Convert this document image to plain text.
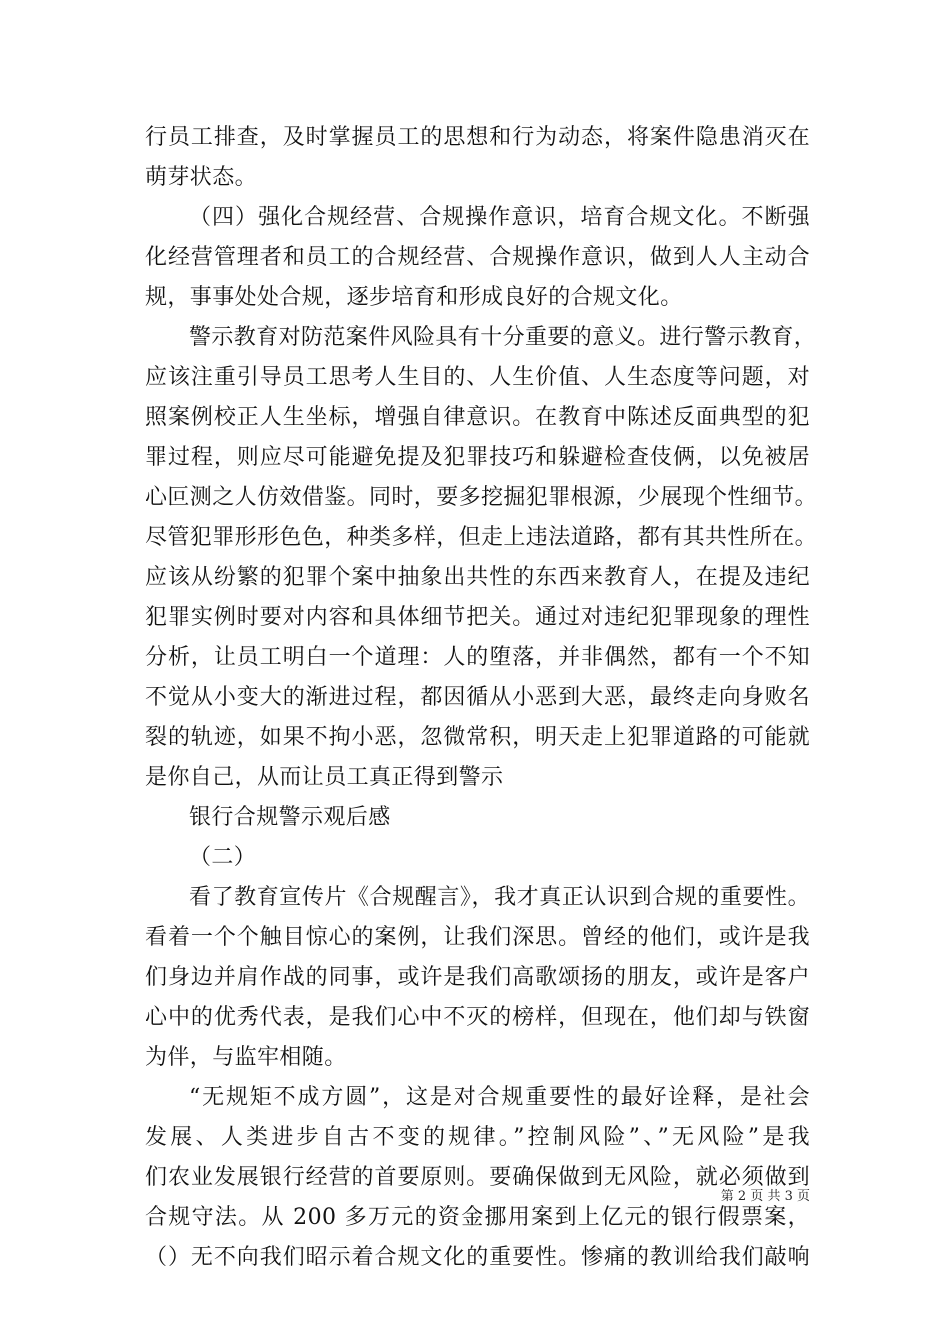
行员工排查，及时掌握员工的思想和行为动态，将案件隐患消灭在
萌芽状态。
（四）强化合规经营、合规操作意识，培育合规文化。不断强
化经营管理者和员工的合规经营、合规操作意识，做到人人主动合
规，事事处处合规，逐步培育和形成良好的合规文化。
警示教育对防范案件风险具有十分重要的意义。进行警示教育，
应该注重引导员工思考人生目的、人生价值、人生态度等问题，对
照案例校正人生坐标，增强自律意识。在教育中陈述反面典型的犯
罪过程，则应尽可能避免提及犯罪技巧和躲避检查伎俩，以免被居
心叵测之人仿效借鉴。同时，要多挖掘犯罪根源，少展现个性细节。
尽管犯罪形形色色，种类多样，但走上违法道路，都有其共性所在。
应该从纷繁的犯罪个案中抽象出共性的东西来教育人，在提及违纪
犯罪实例时要对内容和具体细节把关。通过对违纪犯罪现象的理性
分析，让员工明白一个道理：人的堕落，并非偶然，都有一个不知
不觉从小变大的渐进过程，都因循从小恶到大恶，最终走向身败名
裂的轨迹，如果不拘小恶，忽微常积，明天走上犯罪道路的可能就
是你自己，从而让员工真正得到警示
银行合规警示观后感
（二）
看了教育宣传片《合规醒言》，我才真正认识到合规的重要性。
看着一个个触目惊心的案例，让我们深思。曾经的他们，或许是我
们身边并肩作战的同事，或许是我们高歌颂扬的朋友，或许是客户
心中的优秀代表，是我们心中不灭的榜样，但现在，他们却与铁窗
为伴，与监牢相随。
“无规矩不成方圆”，这是对合规重要性的最好诠释，是社会
发展、人类进步自古不变的规律。”控制风险”、”无风险”是我
们农业发展银行经营的首要原则。要确保做到无风险，就必须做到
合规守法。从 200 多万元的资金挪用案到上亿元的银行假票案，
（）无不向我们昭示着合规文化的重要性。惨痛的教训给我们敲响
第 2 页 共 3 页
